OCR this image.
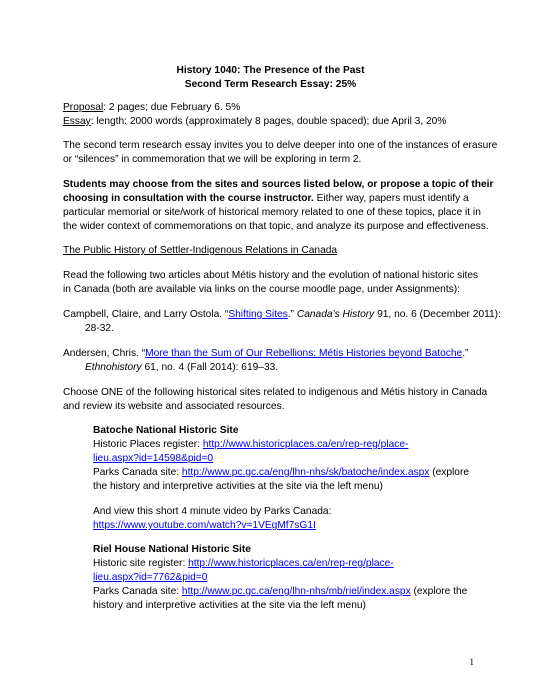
History 1040: The Presence of the Past
Second Term Research Essay: 25%
Proposal: 2 pages; due February 6. 5%
Essay: length: 2000 words (approximately 8 pages, double spaced); due April 3, 20%
The second term research essay invites you to delve deeper into one of the instances of erasure
or “silences” in commemoration that we will be exploring in term 2.
Students may choose from the sites and sources listed below, or propose a topic of their
choosing in consultation with the course instructor. Either way, papers must identify a
particular memorial or site/work of historical memory related to one of these topics, place it in
the wider context of commemorations on that topic, and analyze its purpose and effectiveness.
The Public History of Settler-Indigenous Relations in Canada
Read the following two articles about Métis history and the evolution of national historic sites
in Canada (both are available via links on the course moodle page, under Assignments):
Campbell, Claire, and Larry Ostola. “Shifting Sites.” Canada’s History 91, no. 6 (December 2011):
28-32.
Andersen, Chris. “More than the Sum of Our Rebellions: Métis Histories beyond Batoche.”
Ethnohistory 61, no. 4 (Fall 2014): 619–33.
Choose ONE of the following historical sites related to indigenous and Métis history in Canada
and review its website and associated resources.
Batoche National Historic Site
Historic Places register: http://www.historicplaces.ca/en/rep-reg/place-
lieu.aspx?id=14598&pid=0
Parks Canada site: http://www.pc.gc.ca/eng/lhn-nhs/sk/batoche/index.aspx (explore
the history and interpretive activities at the site via the left menu)
And view this short 4 minute video by Parks Canada:
https://www.youtube.com/watch?v=1VEgMf7sG1I
Riel House National Historic Site
Historic site register: http://www.historicplaces.ca/en/rep-reg/place-
lieu.aspx?id=7762&pid=0
Parks Canada site: http://www.pc.gc.ca/eng/lhn-nhs/mb/riel/index.aspx (explore the
history and interpretive activities at the site via the left menu)
1
